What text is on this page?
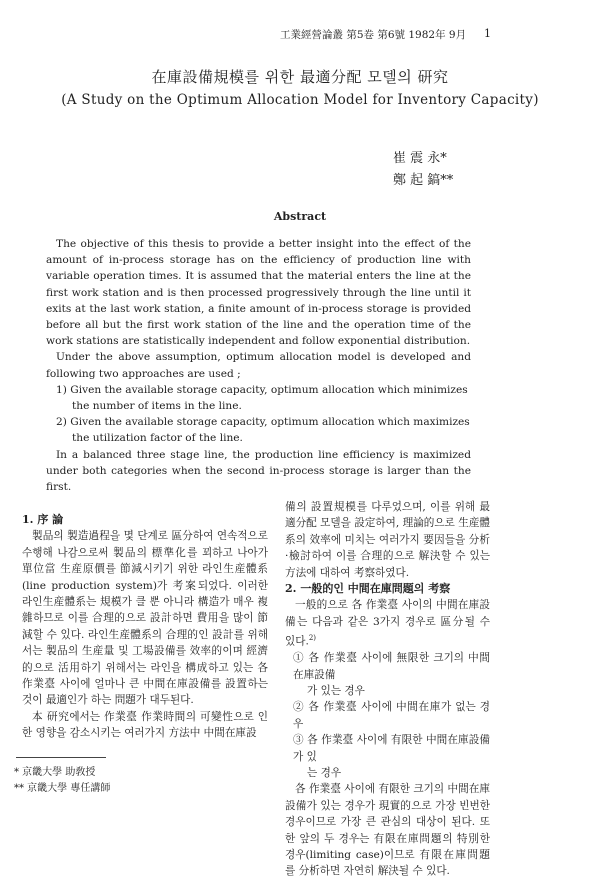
工業經營論叢 第5卷 第6號 1982年 9月 1
在庫設備規模를 위한 最適分配 모델의 研究
(A Study on the Optimum Allocation Model for Inventory Capacity)
崔 震 永*
鄭 起 鎬**
Abstract

The objective of this thesis to provide a better insight into the effect of the amount of in-process storage has on the efficiency of production line with variable operation times. It is assumed that the material enters the line at the first work station and is then processed progressively through the line until it exits at the last work station, a finite amount of in-process storage is provided before all but the first work station of the line and the operation time of the work stations are statistically independent and follow exponential distribution.

Under the above assumption, optimum allocation model is developed and following two approaches are used ;

1) Given the available storage capacity, optimum allocation which minimizes

the number of items in the line.

2) Given the available storage capacity, optimum allocation which maximizes

the utilization factor of the line.

In a balanced three stage line, the production line efficiency is maximized under both categories when the second in-process storage is larger than the first.

1. 序 論

製品의 製造過程을 몇 단계로 區分하여 연속적으로 수행해 나감으로써 製品의 標準化를 꾀하고 나아가 單位當 生産原價를 節減시키기 위한 라인生産體系 (line production system)가 考案되었다. 이러한 라인生産體系는 規模가 클 뿐 아니라 構造가 매우 複雜하므로 이를 合理的으로 設計하면 費用을 많이 節減할 수 있다. 라인生産體系의 合理的인 設計를 위해서는 製品의 生産量 및 工場設備를 效率的이며 經濟的으로 活用하기 위해서는 라인을 構成하고 있는 各 作業臺 사이에 얼마나 큰 中間在庫設備를 設置하는 것이 最適인가 하는 問題가 대두된다.

本 研究에서는 作業臺 作業時間의 可變性으로 인한 영향을 감소시키는 여러가지 方法中 中間在庫設

備의 設置規模를 다루었으며, 이를 위해 最適分配 모델을 設定하여, 理論的으로 生産體系의 效率에 미치는 여러가지 要因들을 分析·檢討하여 이를 合理的으로 解決할 수 있는 方法에 대하여 考察하였다.

2. 一般的인 中間在庫問題의 考察

一般的으로 各 作業臺 사이의 中間在庫設備는 다음과 같은 3가지 경우로 區分될 수 있다.$^{2)}$

① 各 作業臺 사이에 無限한 크기의 中間在庫設備

가 있는 경우

② 各 作業臺 사이에 中間在庫가 없는 경우

③ 各 作業臺 사이에 有限한 中間在庫設備가 있

는 경우

各 作業臺 사이에 有限한 크기의 中間在庫設備가 있는 경우가 現實的으로 가장 빈번한 경우이므로 가장 큰 관심의 대상이 된다. 또한 앞의 두 경우는 有限在庫問題의 特別한 경우(limiting case)이므로 有限在庫問題를 分析하면 자연히 解決될 수 있다.

* 京畿大學 助敎授
** 京畿大學 專任講師
